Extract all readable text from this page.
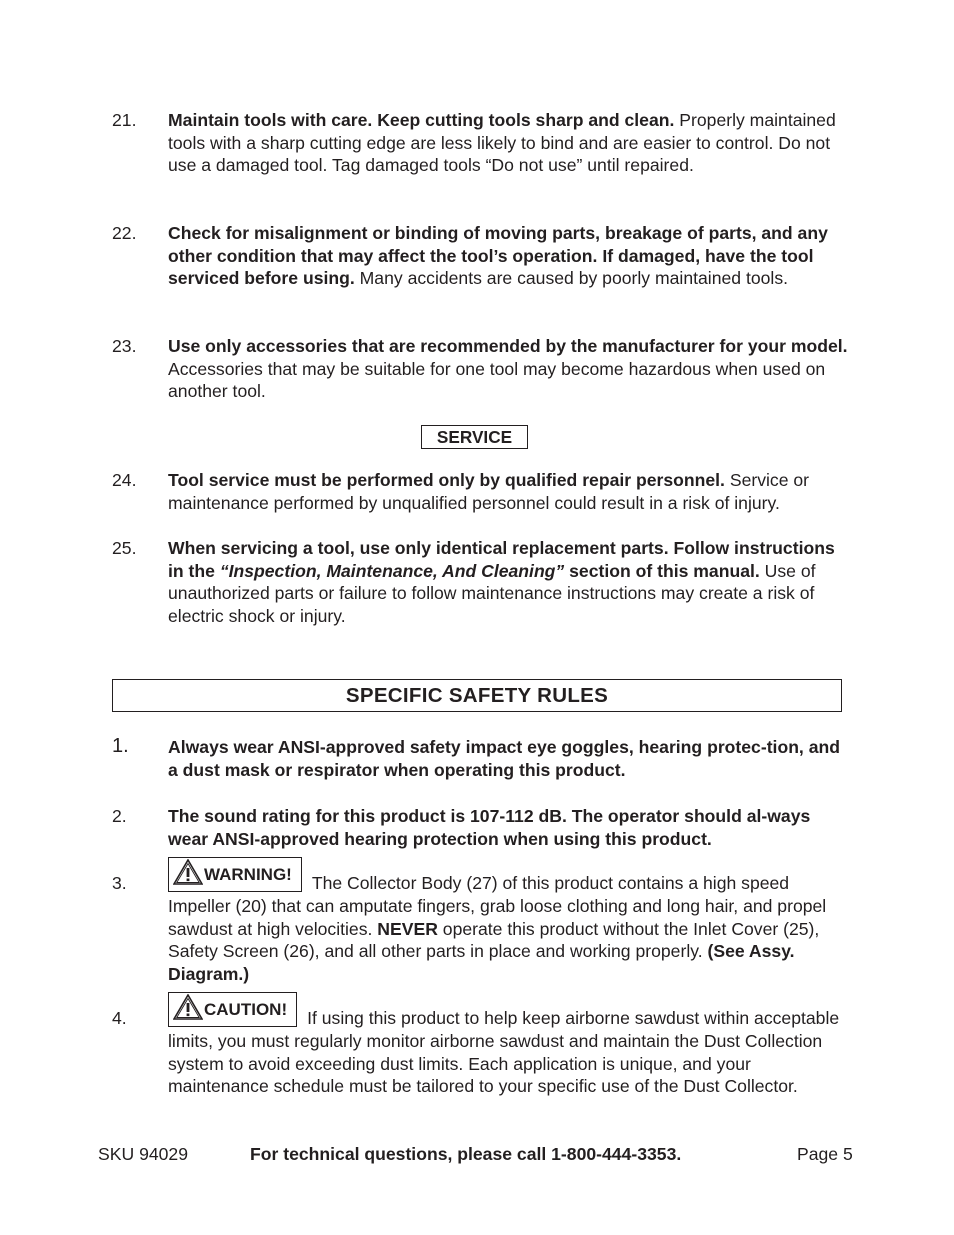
21.	Maintain tools with care. Keep cutting tools sharp and clean. Properly maintained tools with a sharp cutting edge are less likely to bind and are easier to control. Do not use a damaged tool. Tag damaged tools “Do not use” until repaired.
22.	Check for misalignment or binding of moving parts, breakage of parts, and any other condition that may affect the tool’s operation. If damaged, have the tool serviced before using. Many accidents are caused by poorly maintained tools.
23.	Use only accessories that are recommended by the manufacturer for your model. Accessories that may be suitable for one tool may become hazardous when used on another tool.
SERVICE
24.	Tool service must be performed only by qualified repair personnel. Service or maintenance performed by unqualified personnel could result in a risk of injury.
25.	When servicing a tool, use only identical replacement parts. Follow instructions in the “Inspection, Maintenance, And Cleaning” section of this manual. Use of unauthorized parts or failure to follow maintenance instructions may create a risk of electric shock or injury.
SPECIFIC SAFETY RULES
1.	Always wear ANSI-approved safety impact eye goggles, hearing protec-tion, and a dust mask or respirator when operating this product.
2.	The sound rating for this product is 107-112 dB. The operator should al-ways wear ANSI-approved hearing protection when using this product.
3.	WARNING! The Collector Body (27) of this product contains a high speed Impeller (20) that can amputate fingers, grab loose clothing and long hair, and propel sawdust at high velocities. NEVER operate this product without the Inlet Cover (25), Safety Screen (26), and all other parts in place and working properly. (See Assy. Diagram.)
4.	CAUTION! If using this product to help keep airborne sawdust within acceptable limits, you must regularly monitor airborne sawdust and maintain the Dust Collection system to avoid exceeding dust limits. Each application is unique, and your maintenance schedule must be tailored to your specific use of the Dust Collector.
SKU 94029	For technical questions, please call 1-800-444-3353.	Page 5
